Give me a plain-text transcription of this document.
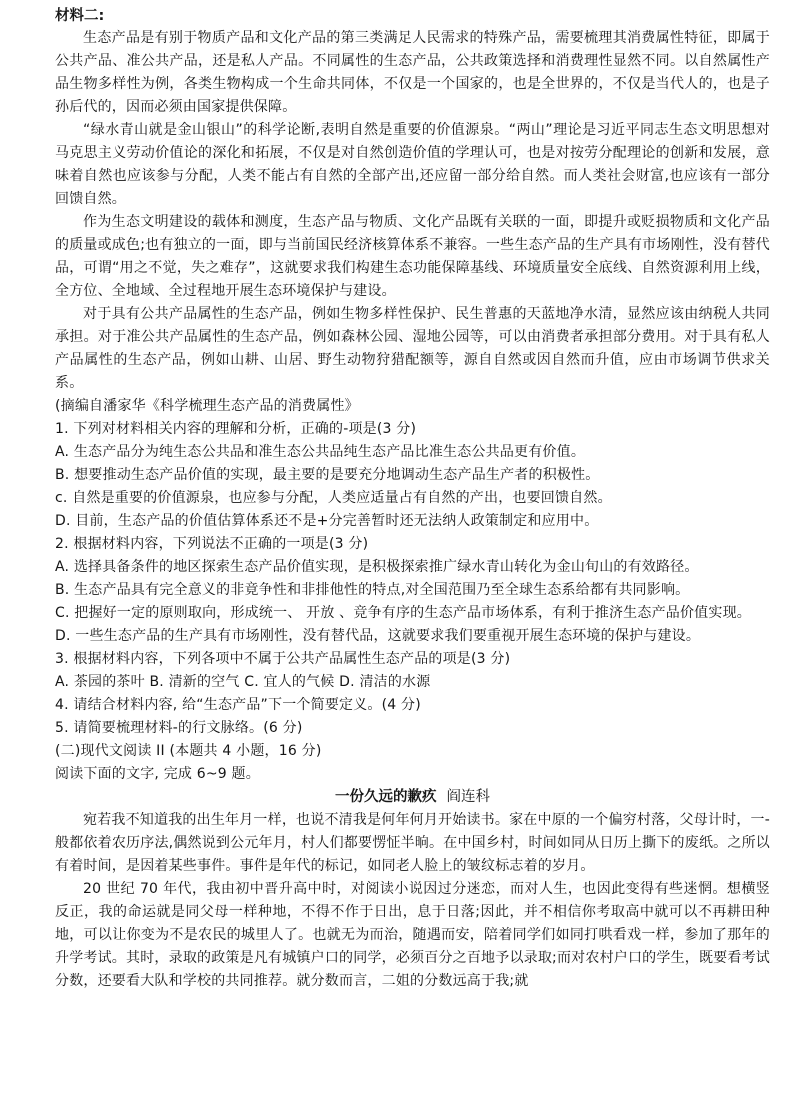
材料二:

生态产品是有别于物质产品和文化产品的第三类满足人民需求的特殊产品，需要梳理其消费属性特征，即属于公共产品、准公共产品，还是私人产品。不同属性的生态产品，公共政策选择和消费理性显然不同。以自然属性产品生物多样性为例，各类生物构成一个生命共同体，不仅是一个国家的，也是全世界的，不仅是当代人的，也是子孙后代的，因而必须由国家提供保障。

“绿水青山就是金山银山”的科学论断,表明自然是重要的价值源泉。“两山”理论是习近平同志生态文明思想对马克思主义劳动价值论的深化和拓展，不仅是对自然创造价值的学理认可，也是对按劳分配理论的创新和发展，意味着自然也应该参与分配，人类不能占有自然的全部产出,还应留一部分给自然。而人类社会财富,也应该有一部分回馈自然。

作为生态文明建设的载体和测度，生态产品与物质、文化产品既有关联的一面，即提升或贬损物质和文化产品的质量或成色;也有独立的一面，即与当前国民经济核算体系不兼容。一些生态产品的生产具有市场刚性，没有替代品，可谓“用之不觉，失之难存”，这就要求我们构建生态功能保障基线、环境质量安全底线、自然资源利用上线，全方位、全地域、全过程地开展生态环境保护与建设。

对于具有公共产品属性的生态产品，例如生物多样性保护、民生普惠的天蓝地净水清，显然应该由纳税人共同承担。对于准公共产品属性的生态产品，例如森林公园、湿地公园等，可以由消费者承担部分费用。对于具有私人产品属性的生态产品，例如山耕、山居、野生动物狩猎配额等，源自自然或因自然而升值，应由市场调节供求关系。

(摘编自潘家华《科学梳理生态产品的消费属性》

1. 下列对材料相关内容的理解和分析，正确的-项是(3 分)

A. 生态产品分为纯生态公共品和准生态公共品纯生态产品比准生态公共品更有价值。

B. 想要推动生态产品价值的实现，最主要的是要充分地调动生态产品生产者的积极性。

c. 自然是重要的价值源泉，也应参与分配，人类应适量占有自然的产出，也要回馈自然。

D. 目前，生态产品的价值估算体系还不是+分完善暂时还无法纳人政策制定和应用中。

2. 根据材料内容，下列说法不正确的一项是(3 分)

A. 选择具备条件的地区探索生态产品价值实现，是积极探索推广绿水青山转化为金山旬山的有效路径。

B. 生态产品具有完全意义的非竟争性和非排他性的特点,对全国范围乃至全球生态系给都有共同影响。

C. 把握好一定的原则取向，形成统一、 开放 、竞争有序的生态产品市场体系，有利于推济生态产品价值实现。

D. 一些生态产品的生产具有市场刚性，没有替代品，这就要求我们要重视开展生态环境的保护与建设。

3. 根据材料内容，下列各项中不属于公共产品属性生态产品的项是(3 分)

A. 茶园的茶叶 B. 清新的空气 C. 宜人的气候 D. 清洁的水源

4. 请结合材料内容, 给“生态产品”下一个简要定义。(4 分)

5. 请简要梳理材料-的行文脉络。(6 分)

(二)现代文阅读 II (本题共 4 小题，16 分)

阅读下面的文字, 完成 6~9 题。

一份久远的歉疚 阎连科

宛若我不知道我的出生年月一样，也说不清我是何年何月开始读书。家在中原的一个偏穷村落，父母计时，一-般都依着农历序法,偶然说到公元年月，村人们都要愣怔半晌。在中国乡村，时间如同从日历上撕下的废纸。之所以有着时间，是因着某些事件。事件是年代的标记，如同老人脸上的皱纹标志着的岁月。

20 世纪 70 年代，我由初中晋升高中时，对阅读小说因过分迷恋，而对人生，也因此变得有些迷惘。想横竖反正，我的命运就是同父母一样种地，不得不作于日出，息于日落;因此，并不相信你考取高中就可以不再耕田种地，可以让你变为不是农民的城里人了。也就无为而治，随遇而安，陪着同学们如同打哄看戏一样，参加了那年的升学考试。其时，录取的政策是凡有城镇户口的同学，必须百分之百地予以录取;而对农村户口的学生，既要看考试分数，还要看大队和学校的共同推荐。就分数而言，二姐的分数远高于我;就
